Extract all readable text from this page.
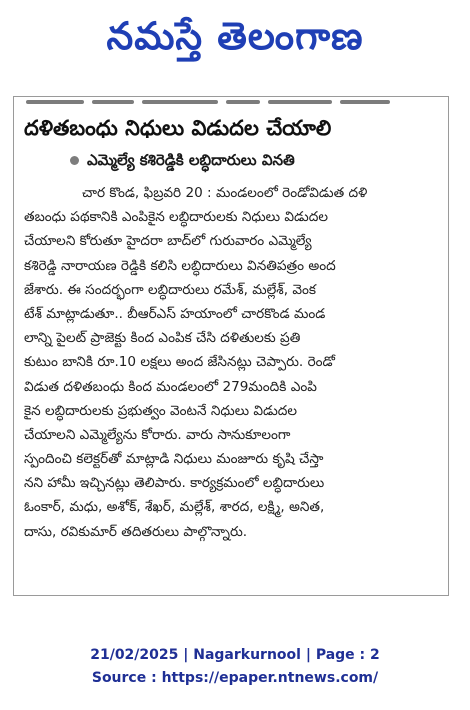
నమస్తే తెలంగాణ
దళితబంధు నిధులు విడుదల చేయాలి
ఎమ్మెల్యే కశిరెడ్డికి లబ్ధిదారులు వినతి
చార కొండ, ఫిబ్రవరి 20 : మండలంలో రెండోవిడుత దళి
తబంధు పథకానికి ఎంపికైన లబ్ధిదారులకు నిధులు విడుదల
చేయాలని కోరుతూ హైదరా బాద్‌లో గురువారం ఎమ్మెల్యే
కశిరెడ్డి నారాయణ రెడ్డికి కలిసి లబ్ధిదారులు వినతిపత్రం అంద
జేశారు. ఈ సందర్భంగా లబ్ధిదారులు రమేశ్, మల్లేశ్, వెంక
టేశ్ మాట్లాడుతూ.. బీఆర్ఎస్ హయాంలో చారకొండ మండ
లాన్ని పైలట్ ప్రాజెక్టు కింద ఎంపిక చేసి దళితులకు ప్రతి
కుటుం బానికి రూ.10 లక్షలు అంద జేసినట్లు చెప్పారు. రెండో
విడుత దళితబంధు కింద మండలంలో 279మందికి ఎంపి
కైన లబ్ధిదారులకు ప్రభుత్వం వెంటనే నిధులు విడుదల
చేయాలని ఎమ్మెల్యేను కోరారు. వారు సానుకూలంగా
స్పందించి కలెక్టర్‌తో మాట్లాడి నిధులు మంజూరు కృషి చేస్తా
నని హామీ ఇచ్చినట్లు తెలిపారు. కార్యక్రమంలో లబ్ధిదారులు
ఓంకార్, మధు, అశోక్, శేఖర్, మల్లేశ్, శారద, లక్ష్మి, అనిత,
దాసు, రవికుమార్ తదితరులు పాల్గొన్నారు.
21/02/2025 | Nagarkurnool | Page : 2
Source : https://epaper.ntnews.com/
